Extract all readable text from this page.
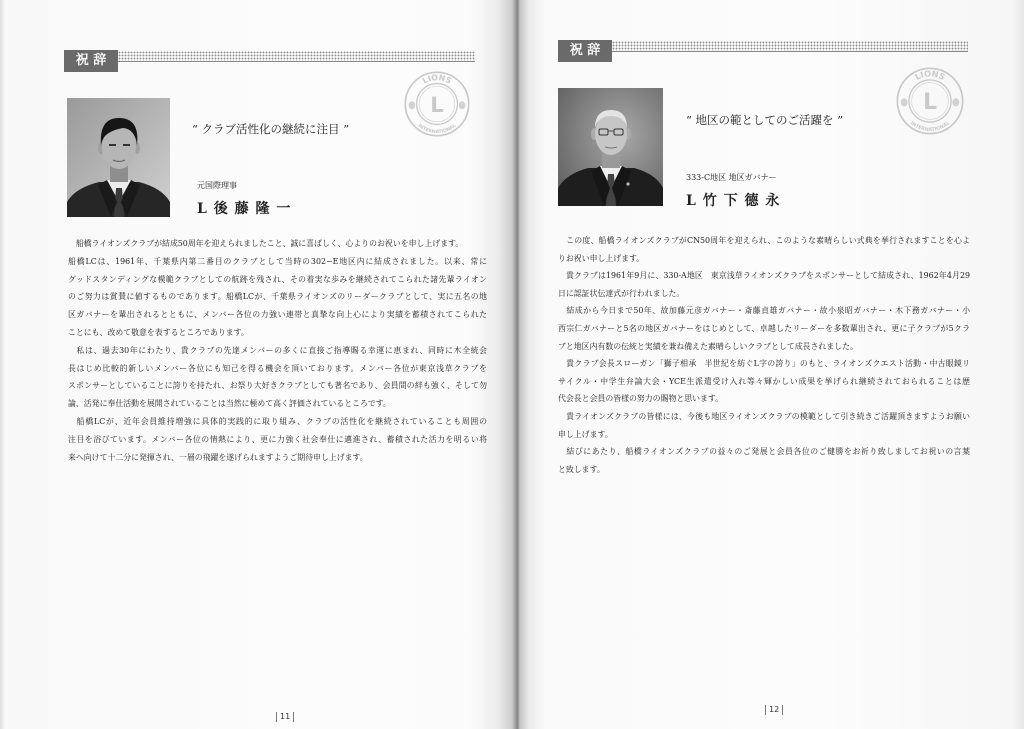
祝 辞
LIONS
INTERNATIONAL
L
“ クラブ活性化の継続に注目 ”
元国際理事
L 後 藤 隆 一
　船橋ライオンズクラブが結成50周年を迎えられましたこと、誠に喜ばしく、心よりのお祝いを申し上げます。
船橋LCは、1961年、千葉県内第二番目のクラブとして当時の302−E地区内に結成されました。以来、常に
グッドスタンディングな模範クラブとしての航跡を残され、その着実な歩みを継続されてこられた諸先輩ライオン
のご努力は賞賛に値するものであります。船橋LCが、千葉県ライオンズのリーダークラブとして、実に五名の地
区ガバナーを輩出されるとともに、メンバー各位の力強い連帯と真摯な向上心により実績を蓄積されてこられた
ことにも、改めて敬意を表するところであります。
　私は、過去30年にわたり、貴クラブの先達メンバーの多くに直接ご指導賜る幸運に恵まれ、同時に木全統会
長はじめ比較的新しいメンバー各位にも知己を得る機会を頂いております。メンバー各位が東京浅草クラブを
スポンサーとしていることに誇りを持たれ、お祭り大好きクラブとしても著名であり、会員間の絆も強く、そして勿
論、活発に奉仕活動を展開されていることは当然に極めて高く評価されているところです。
　船橋LCが、近年会員維持増強に具体的実践的に取り組み、クラブの活性化を継続されていることも周囲の
注目を浴びています。メンバー各位の情熱により、更に力強く社会奉仕に邁進され、蓄積された活力を明るい将
来へ向けて十二分に発揮され、一層の飛躍を遂げられますようご期待申し上げます。
11
祝 辞
LIONS
INTERNATIONAL
L
“ 地区の範としてのご活躍を ”
333-C地区 地区ガバナー
L 竹 下 德 永
　この度、船橋ライオンズクラブがCN50周年を迎えられ、このような素晴らしい式典を挙行されますことを心よ
りお祝い申し上げます。
　貴クラブは1961年9月に、330-A地区　東京浅草ライオンズクラブをスポンサーとして結成され、1962年4月29
日に認証状伝達式が行われました。
　結成から今日まで50年、故加藤元彦ガバナー・斎藤貞雄ガバナー・故小泉昭ガバナー・木下務ガバナー・小
西宗仁ガバナーと5名の地区ガバナーをはじめとして、卓越したリーダーを多数輩出され、更に子クラブが5クラ
ブと地区内有数の伝統と実績を兼ね備えた素晴らしいクラブとして成長されました。
　貴クラブ会長スローガン「獅子相承　半世紀を紡ぐL字の誇り」のもと、ライオンズクエスト活動・中古眼鏡リ
サイクル・中学生弁論大会・YCE生派遣受け入れ等々輝かしい成果を挙げられ継続されておられることは歴
代会長と会員の皆様の努力の賜物と思います。
　貴ライオンズクラブの皆様には、今後も地区ライオンズクラブの模範として引き続きご活躍頂きますようお願い
申し上げます。
　結びにあたり、船橋ライオンズクラブの益々のご発展と会員各位のご健勝をお祈り致しましてお祝いの言葉
と致します。
12
